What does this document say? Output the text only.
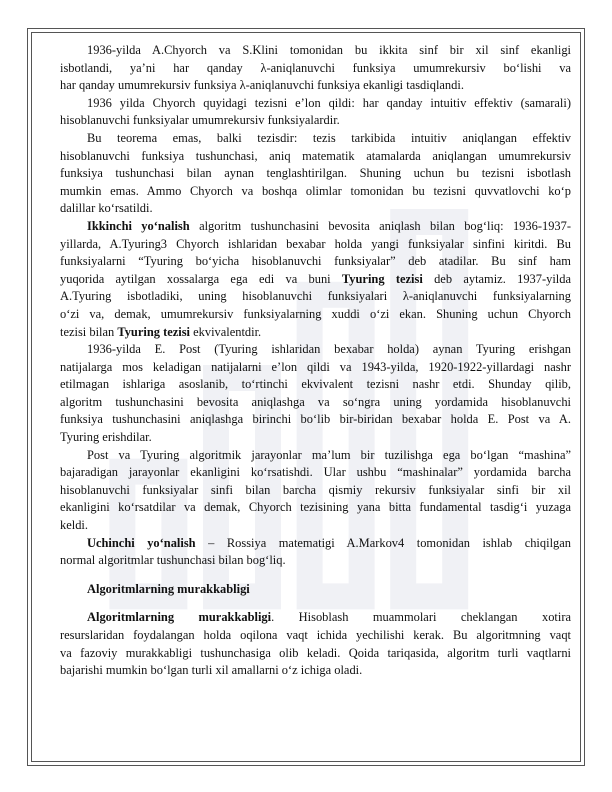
1936-yilda A.Chyorch va S.Klini tomonidan bu ikkita sinf bir xil sinf ekanligi
isbotlandi, ya’ni har qanday λ-aniqlanuvchi funksiya umumrekursiv bo‘lishi va
har qanday umumrekursiv funksiya λ-aniqlanuvchi funksiya ekanligi tasdiqlandi.
1936 yilda Chyorch quyidagi tezisni e’lon qildi: har qanday intuitiv effektiv (samarali)
hisoblanuvchi funksiyalar umumrekursiv funksiyalardir.
Bu teorema emas, balki tezisdir: tezis tarkibida intuitiv aniqlangan effektiv
hisoblanuvchi funksiya tushunchasi, aniq matematik atamalarda aniqlangan umumrekursiv
funksiya tushunchasi bilan aynan tenglashtirilgan. Shuning uchun bu tezisni isbotlash
mumkin emas. Ammo Chyorch va boshqa olimlar tomonidan bu tezisni quvvatlovchi ko‘p
dalillar ko‘rsatildi.
Ikkinchi yo‘nalish algoritm tushunchasini bevosita aniqlash bilan bog‘liq: 1936-1937-
yillarda, A.Tyuring3 Chyorch ishlaridan bexabar holda yangi funksiyalar sinfini kiritdi. Bu
funksiyalarni “Tyuring bo‘yicha hisoblanuvchi funksiyalar” deb atadilar. Bu sinf ham
yuqorida aytilgan xossalarga ega edi va buni Tyuring tezisi deb aytamiz. 1937-yilda
A.Tyuring isbotladiki, uning hisoblanuvchi funksiyalari λ-aniqlanuvchi funksiyalarning
o‘zi va, demak, umumrekursiv funksiyalarning xuddi o‘zi ekan. Shuning uchun Chyorch
tezisi bilan Tyuring tezisi ekvivalentdir.
1936-yilda E. Post (Tyuring ishlaridan bexabar holda) aynan Tyuring erishgan
natijalarga mos keladigan natijalarni e’lon qildi va 1943-yilda, 1920-1922-yillardagi nashr
etilmagan ishlariga asoslanib, to‘rtinchi ekvivalent tezisni nashr etdi. Shunday qilib,
algoritm tushunchasini bevosita aniqlashga va so‘ngra uning yordamida hisoblanuvchi
funksiya tushunchasini aniqlashga birinchi bo‘lib bir-biridan bexabar holda E. Post va A.
Tyuring erishdilar.
Post va Tyuring algoritmik jarayonlar ma’lum bir tuzilishga ega bo‘lgan “mashina”
bajaradigan jarayonlar ekanligini ko‘rsatishdi. Ular ushbu “mashinalar” yordamida barcha
hisoblanuvchi funksiyalar sinfi bilan barcha qismiy rekursiv funksiyalar sinfi bir xil
ekanligini ko‘rsatdilar va demak, Chyorch tezisining yana bitta fundamental tasdig‘i yuzaga
keldi.
Uchinchi yo‘nalish – Rossiya matematigi A.Markov4 tomonidan ishlab chiqilgan
normal algoritmlar tushunchasi bilan bog‘liq.
Algoritmlarning murakkabligi
Algoritmlarning murakkabligi. Hisoblash muammolari cheklangan xotira
resurslaridan foydalangan holda oqilona vaqt ichida yechilishi kerak. Bu algoritmning vaqt
va fazoviy murakkabligi tushunchasiga olib keladi. Qoida tariqasida, algoritm turli vaqtlarni
bajarishi mumkin bo‘lgan turli xil amallarni o‘z ichiga oladi.
